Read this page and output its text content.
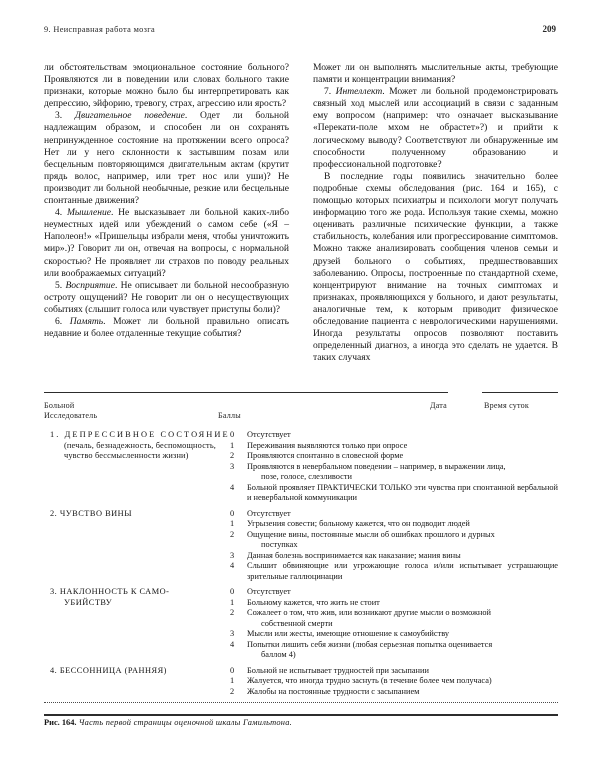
9. Неисправная работа мозга	209

ли обстоятельствам эмоциональное состояние больного? Проявляются ли в поведении или словах больного такие признаки, которые можно было бы интерпретировать как депрессию, эйфорию, тревогу, страх, агрессию или ярость?

3. Двигательное поведение. Одет ли больной надлежащим образом, и способен ли он сохранять непринужденное состояние на протяжении всего опроса? Нет ли у него склонности к застывшим позам или бесцельным повторяющимся двигательным актам (крутит прядь волос, например, или трет нос или уши)? Не производит ли больной необычные, резкие или бесцельные спонтанные движения?

4. Мышление. Не высказывает ли больной каких-либо неуместных идей или убеждений о самом себе («Я – Наполеон!» «Пришельцы избрали меня, чтобы уничтожить мир».)? Говорит ли он, отвечая на вопросы, с нормальной скоростью? Не проявляет ли страхов по поводу реальных или воображаемых ситуаций?

5. Восприятие. Не описывает ли больной несообразную остроту ощущений? Не говорит ли он о несуществующих событиях (слышит голоса или чувствует приступы боли)?

6. Память. Может ли больной правильно описать недавние и более отдаленные текущие события?

Может ли он выполнять мыслительные акты, требующие памяти и концентрации внимания?

7. Интеллект. Может ли больной продемонстрировать связный ход мыслей или ассоциаций в связи с заданным ему вопросом (например: что означает высказывание «Перекати-поле мхом не обрастет»?) и прийти к логическому выводу? Соответствуют ли обнаруженные им способности полученному образованию и профессиональной подготовке?

В последние годы появились значительно более подробные схемы обследования (рис. 164 и 165), с помощью которых психиатры и психологи могут получать информацию того же рода. Используя такие схемы, можно оценивать различные психические функции, а также стабильность, колебания или прогрессирование симптомов. Можно также анализировать сообщения членов семьи и друзей больного о событиях, предшествовавших заболеванию. Опросы, построенные по стандартной схеме, концентрируют внимание на точных симптомах и признаках, проявляющихся у больного, и дают результаты, аналогичные тем, к которым приводит физическое обследование пациента с неврологическими нарушениями. Иногда результаты опросов позволяют поставить определенный диагноз, а иногда это сделать не удается. В таких случаях

Больной
Исследователь	Баллы
Дата	Время суток
1. ДЕПРЕССИВНОЕ СОСТОЯНИЕ
(печаль, безнадежность, беспомощность, чувство бессмысленности жизни)
0	Отсутствует
1	Переживания выявляются только при опросе
2	Проявляются спонтанно в словесной форме
3	Проявляются в невербальном поведении – например, в выражении лица,
позе, голосе, слезливости
4	Больной проявляет ПРАКТИЧЕСКИ ТОЛЬКО эти чувства при спонтанной вербальной и невербальной коммуникации
2. ЧУВСТВО ВИНЫ	0	Отсутствует
1	Угрызения совести; больному кажется, что он подводит людей
2	Ощущение вины, постоянные мысли об ошибках прошлого и дурных
поступках
3	Данная болезнь воспринимается как наказание; мания вины
4	Слышит обвиняющие или угрожающие голоса и/или испытывает устрашающие зрительные галлюцинации
3. НАКЛОННОСТЬ К САМО-
УБИЙСТВУ
0	Отсутствует
1	Больному кажется, что жить не стоит
2	Сожалеет о том, что жив, или возникают другие мысли о возможной
собственной смерти
3	Мысли или жесты, имеющие отношение к самоубийству
4	Попытки лишить себя жизни (любая серьезная попытка оценивается
баллом 4)
4. БЕССОННИЦА (РАННЯЯ)	0	Больной не испытывает трудностей при засыпании
1	Жалуется, что иногда трудно заснуть (в течение более чем получаса)
2	Жалобы на постоянные трудности с засыпанием
Рис. 164. Часть первой страницы оценочной шкалы Гамильтона.
